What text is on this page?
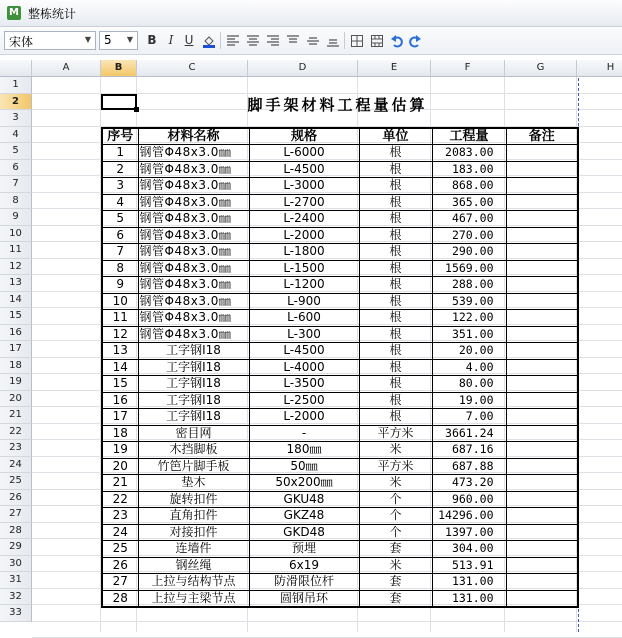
M 整栋统计
宋体	▼ 5 ▼	B	I U
A	B	C	D	E	F	G	H
1
2
3
4
5
6
7
8
9
10
11
12
13
14
15
16
17
18
19
20
21
22
23
24
25
26
27
28
29
30
31
32
33
脚手架材料工程量估算
序号	材料名称	规格	单位	工程量	备注
1	钢管Φ48x3.0㎜	L-6000	根	2083.00	
2	钢管Φ48x3.0㎜	L-4500	根	183.00	
3	钢管Φ48x3.0㎜	L-3000	根	868.00	
4	钢管Φ48x3.0㎜	L-2700	根	365.00	
5	钢管Φ48x3.0㎜	L-2400	根	467.00	
6	钢管Φ48x3.0㎜	L-2000	根	270.00	
7	钢管Φ48x3.0㎜	L-1800	根	290.00	
8	钢管Φ48x3.0㎜	L-1500	根	1569.00	
9	钢管Φ48x3.0㎜	L-1200	根	288.00	
10	钢管Φ48x3.0㎜	L-900	根	539.00	
11	钢管Φ48x3.0㎜	L-600	根	122.00	
12	钢管Φ48x3.0㎜	L-300	根	351.00	
13	工字钢I18	L-4500	根	20.00	
14	工字钢I18	L-4000	根	4.00	
15	工字钢I18	L-3500	根	80.00	
16	工字钢I18	L-2500	根	19.00	
17	工字钢I18	L-2000	根	7.00	
18	密目网	-	平方米	3661.24	
19	木挡脚板	180㎜	米	687.16	
20	竹笆片脚手板	50㎜	平方米	687.88	
21	垫木	50x200㎜	米	473.20	
22	旋转扣件	GKU48	个	960.00	
23	直角扣件	GKZ48	个	14296.00	
24	对接扣件	GKD48	个	1397.00	
25	连墙件	预埋	套	304.00	
26	钢丝绳	6x19	米	513.91	
27	上拉与结构节点	防滑限位杆	套	131.00	
28	上拉与主梁节点	圆钢吊环	套	131.00	
